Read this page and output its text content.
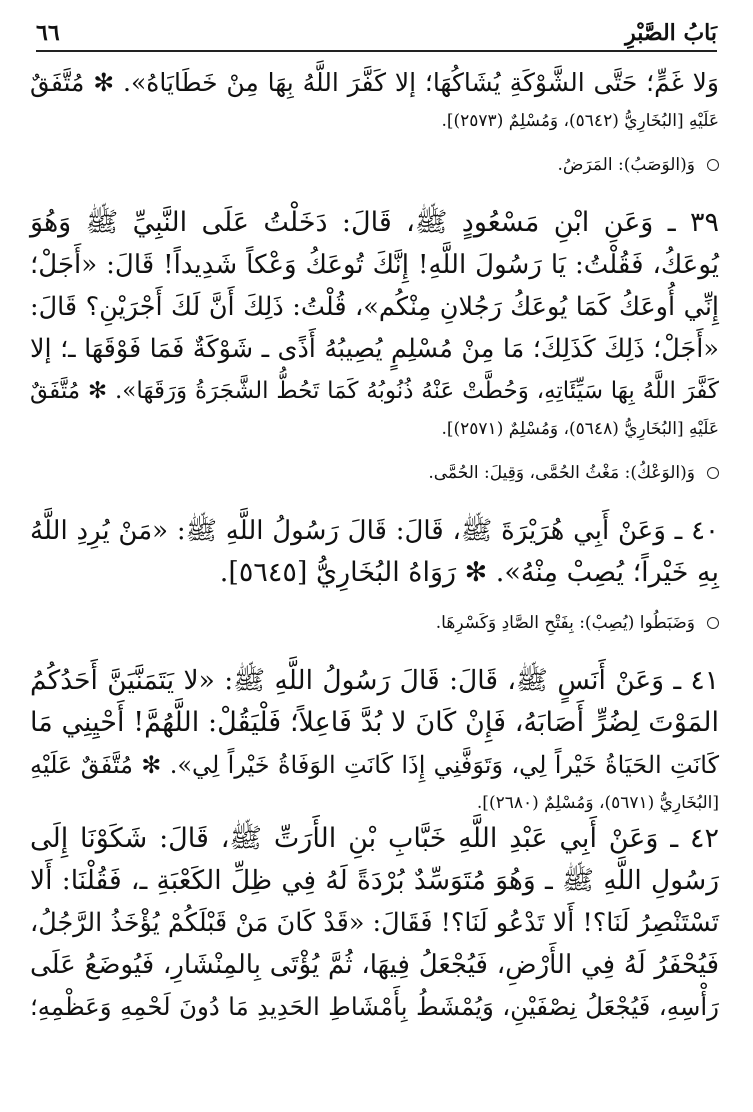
بَابُ الصَّبْرِ
٦٦
وَلا غَمٍّ؛ حَتَّى الشَّوْكَةِ يُشَاكُهَا؛ إلا كَفَّرَ اللَّهُ بِهَا مِنْ خَطَايَاهُ». ✻ مُتَّفَقٌ
عَلَيْهِ [البُخَارِيُّ (٥٦٤٢)، وَمُسْلِمٌ (٢٥٧٣)].
وَ(الوَصَبُ): المَرَضُ.
٣٩ ـ وَعَنِ ابْنِ مَسْعُودٍ ﷺ، قَالَ: دَخَلْتُ عَلَى النَّبِيِّ ﷺ وَهُوَ
يُوعَكُ، فَقُلْتُ: يَا رَسُولَ اللَّهِ! إِنَّكَ تُوعَكُ وَعْكاً شَدِيداً! قَالَ: «أَجَلْ؛
إِنِّي أُوعَكُ كَمَا يُوعَكُ رَجُلانِ مِنْكُم»، قُلْتُ: ذَلِكَ أَنَّ لَكَ أَجْرَيْنِ؟ قَالَ:
«أَجَلْ؛ ذَلِكَ كَذَلِكَ؛ مَا مِنْ مُسْلِمٍ يُصِيبُهُ أَذًى ـ شَوْكَةٌ فَمَا فَوْقَهَا ـ؛ إلا
كَفَّرَ اللَّهُ بِهَا سَيِّئَاتِهِ، وَحُطَّتْ عَنْهُ ذُنُوبُهُ كَمَا تَحُطُّ الشَّجَرَةُ وَرَقَهَا». ✻ مُتَّفَقٌ
عَلَيْهِ [البُخَارِيُّ (٥٦٤٨)، وَمُسْلِمٌ (٢٥٧١)].
وَ(الوَعْكُ): مَغْثُ الحُمَّى، وَقِيلَ: الحُمَّى.
٤٠ ـ وَعَنْ أَبِي هُرَيْرَةَ ﷺ، قَالَ: قَالَ رَسُولُ اللَّهِ ﷺ: «مَنْ يُرِدِ اللَّهُ
بِهِ خَيْراً؛ يُصِبْ مِنْهُ». ✻ رَوَاهُ البُخَارِيُّ [٥٦٤٥].
وَضَبَطُوا (يُصِبْ): بِفَتْحِ الصَّادِ وَكَسْرِهَا.
٤١ ـ وَعَنْ أَنَسٍ ﷺ، قَالَ: قَالَ رَسُولُ اللَّهِ ﷺ: «لا يَتَمَنَّيَنَّ أَحَدُكُمُ
المَوْتَ لِضُرٍّ أَصَابَهُ، فَإِنْ كَانَ لا بُدَّ فَاعِلاً؛ فَلْيَقُلْ: اللَّهُمَّ! أَحْيِنِي مَا
كَانَتِ الحَيَاةُ خَيْراً لِي، وَتَوَفَّنِي إِذَا كَانَتِ الوَفَاةُ خَيْراً لِي». ✻ مُتَّفَقٌ عَلَيْهِ
[البُخَارِيُّ (٥٦٧١)، وَمُسْلِمٌ (٢٦٨٠)].
٤٢ ـ وَعَنْ أَبِي عَبْدِ اللَّهِ خَبَّابِ بْنِ الأَرَتِّ ﷺ، قَالَ: شَكَوْنَا إِلَى
رَسُولِ اللَّهِ ﷺ ـ وَهُوَ مُتَوَسِّدٌ بُرْدَةً لَهُ فِي ظِلِّ الكَعْبَةِ ـ، فَقُلْنَا: أَلا
تَسْتَنْصِرُ لَنَا؟! أَلا تَدْعُو لَنَا؟! فَقَالَ: «قَدْ كَانَ مَنْ قَبْلَكُمْ يُؤْخَذُ الرَّجُلُ،
فَيُحْفَرُ لَهُ فِي الأَرْضِ، فَيُجْعَلُ فِيهَا، ثُمَّ يُؤْتَى بِالمِنْشَارِ، فَيُوضَعُ عَلَى
رَأْسِهِ، فَيُجْعَلُ نِصْفَيْنِ، وَيُمْشَطُ بِأَمْشَاطِ الحَدِيدِ مَا دُونَ لَحْمِهِ وَعَظْمِهِ؛
